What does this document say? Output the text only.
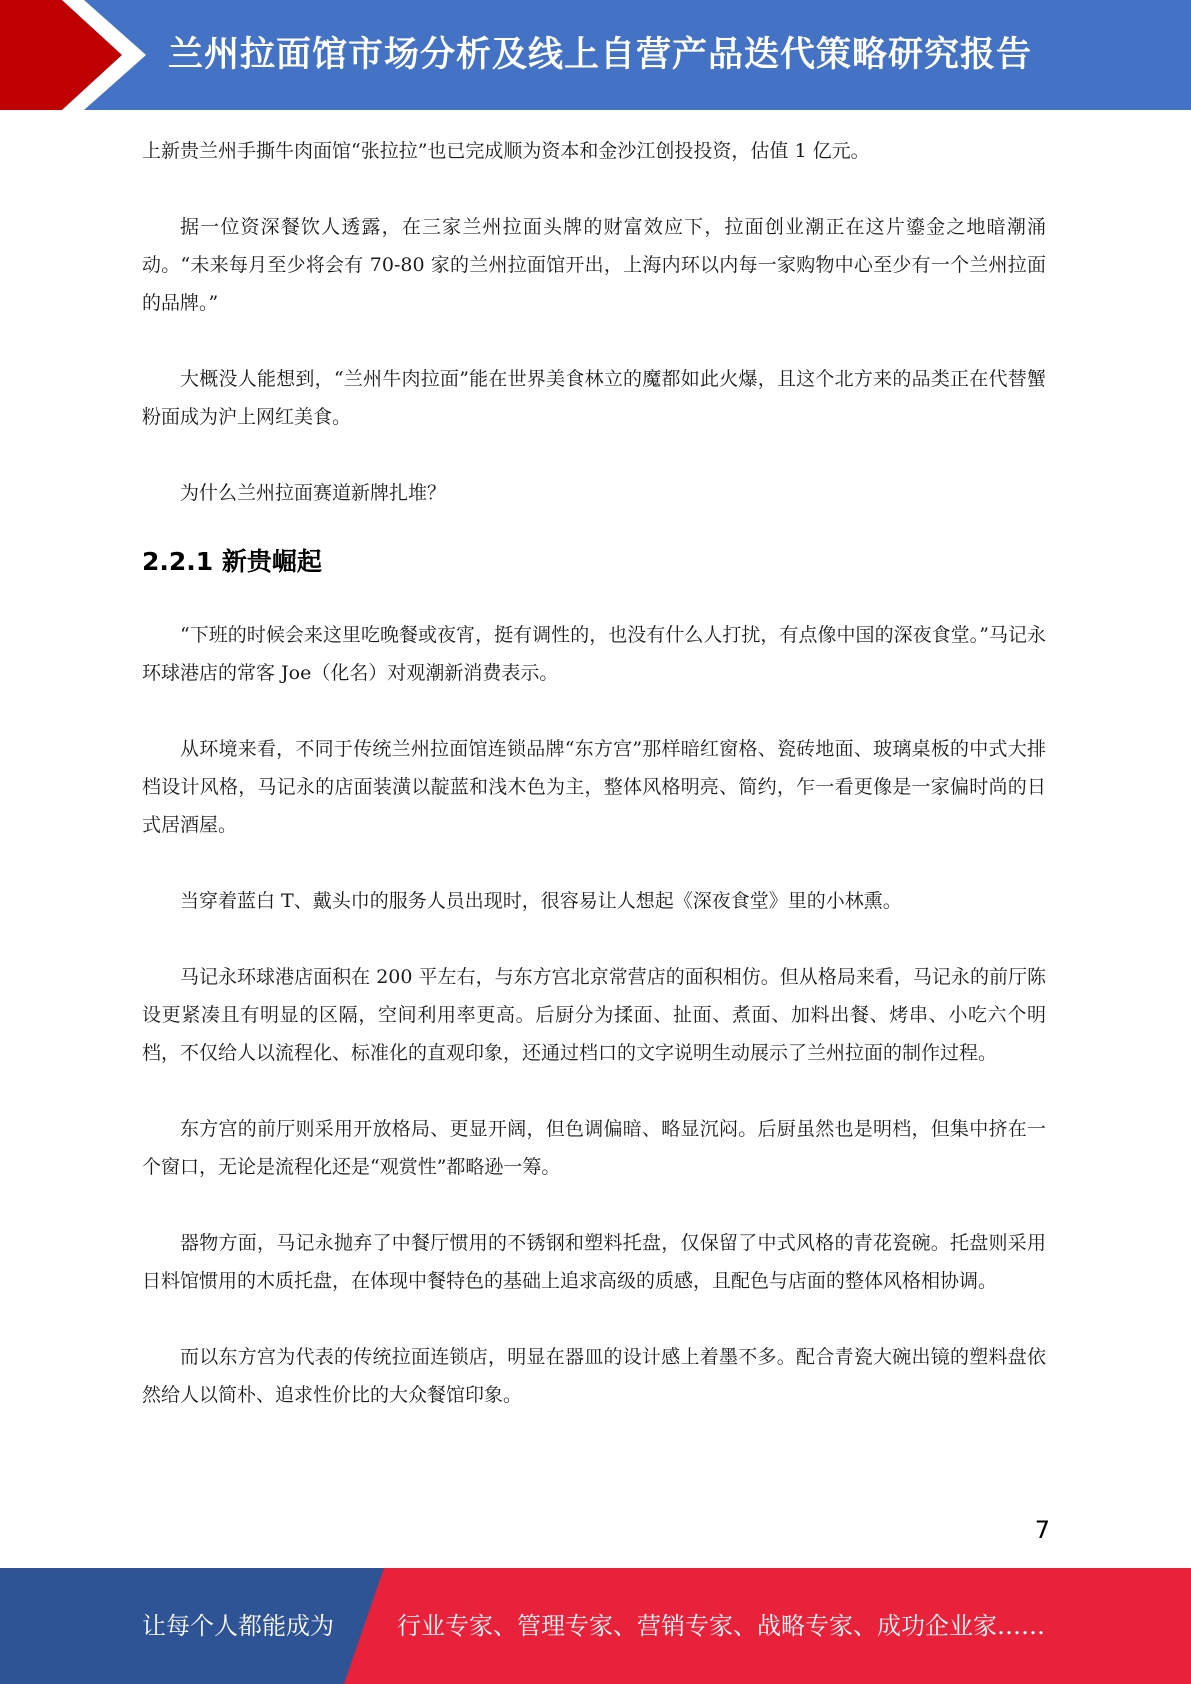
兰州拉面馆市场分析及线上自营产品迭代策略研究报告

上新贵兰州手撕牛肉面馆“张拉拉”也已完成顺为资本和金沙江创投投资，估值 1 亿元。

据一位资深餐饮人透露，在三家兰州拉面头牌的财富效应下，拉面创业潮正在这片鎏金之地暗潮涌动。“未来每月至少将会有 70-80 家的兰州拉面馆开出，上海内环以内每一家购物中心至少有一个兰州拉面的品牌。”

大概没人能想到，“兰州牛肉拉面”能在世界美食林立的魔都如此火爆，且这个北方来的品类正在代替蟹粉面成为沪上网红美食。

为什么兰州拉面赛道新牌扎堆？

2.2.1 新贵崛起

“下班的时候会来这里吃晚餐或夜宵，挺有调性的，也没有什么人打扰，有点像中国的深夜食堂。”马记永环球港店的常客 Joe（化名）对观潮新消费表示。

从环境来看，不同于传统兰州拉面馆连锁品牌“东方宫”那样暗红窗格、瓷砖地面、玻璃桌板的中式大排档设计风格，马记永的店面装潢以靛蓝和浅木色为主，整体风格明亮、简约，乍一看更像是一家偏时尚的日式居酒屋。

当穿着蓝白 T、戴头巾的服务人员出现时，很容易让人想起《深夜食堂》里的小林熏。

马记永环球港店面积在 200 平左右，与东方宫北京常营店的面积相仿。但从格局来看，马记永的前厅陈设更紧凑且有明显的区隔，空间利用率更高。后厨分为揉面、扯面、煮面、加料出餐、烤串、小吃六个明档，不仅给人以流程化、标准化的直观印象，还通过档口的文字说明生动展示了兰州拉面的制作过程。

东方宫的前厅则采用开放格局、更显开阔，但色调偏暗、略显沉闷。后厨虽然也是明档，但集中挤在一个窗口，无论是流程化还是“观赏性”都略逊一筹。

器物方面，马记永抛弃了中餐厅惯用的不锈钢和塑料托盘，仅保留了中式风格的青花瓷碗。托盘则采用日料馆惯用的木质托盘，在体现中餐特色的基础上追求高级的质感，且配色与店面的整体风格相协调。

而以东方宫为代表的传统拉面连锁店，明显在器皿的设计感上着墨不多。配合青瓷大碗出镜的塑料盘依然给人以简朴、追求性价比的大众餐馆印象。

7
让每个人都能成为	行业专家、管理专家、营销专家、战略专家、成功企业家……
